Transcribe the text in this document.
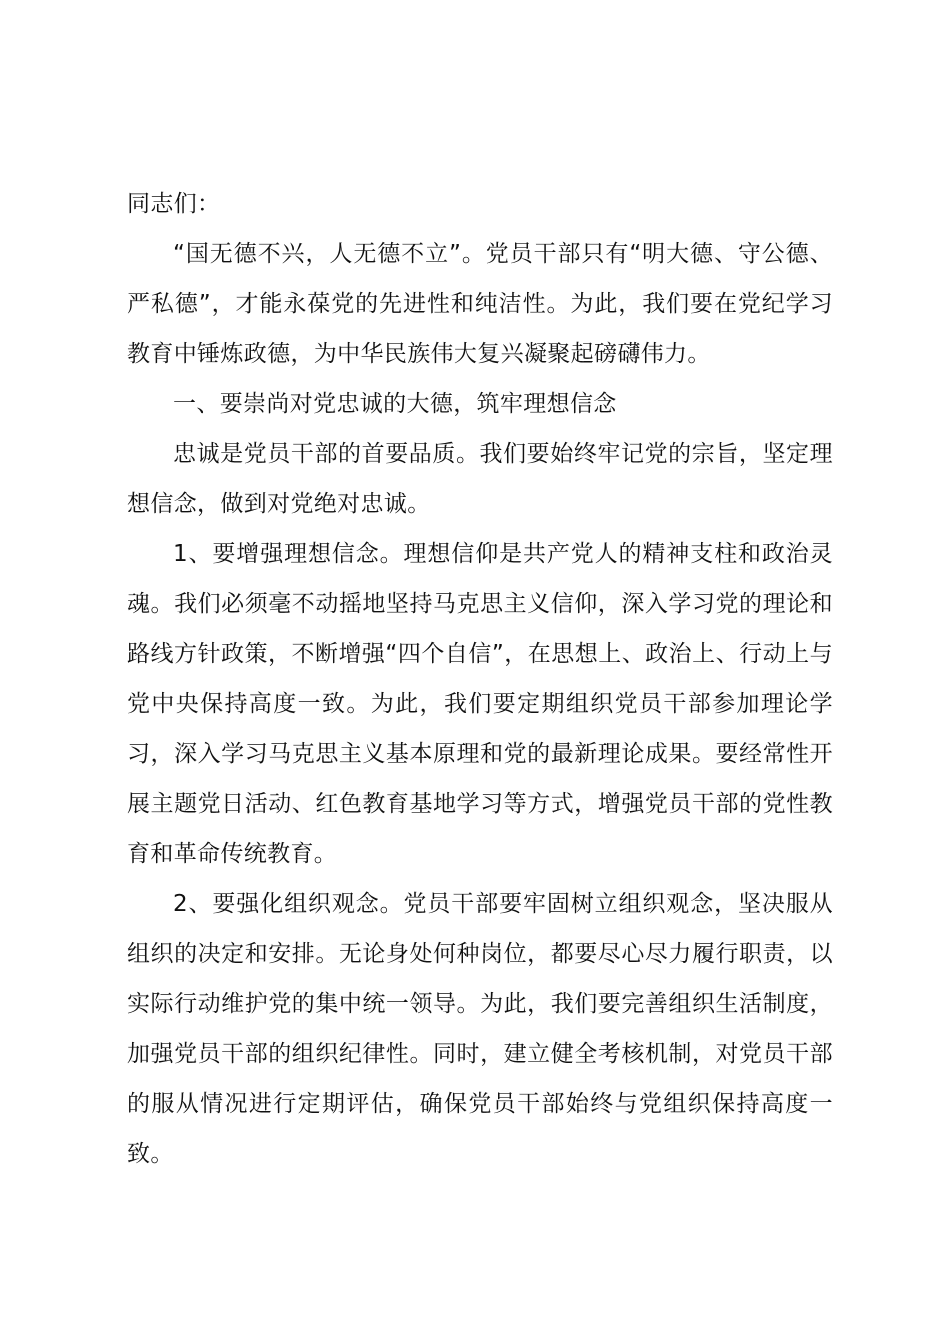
同志们：

“国无德不兴，人无德不立”。党员干部只有“明大德、守公德、严私德”，才能永葆党的先进性和纯洁性。为此，我们要在党纪学习教育中锤炼政德，为中华民族伟大复兴凝聚起磅礴伟力。

一、要崇尚对党忠诚的大德，筑牢理想信念

忠诚是党员干部的首要品质。我们要始终牢记党的宗旨，坚定理想信念，做到对党绝对忠诚。

1、要增强理想信念。理想信仰是共产党人的精神支柱和政治灵魂。我们必须毫不动摇地坚持马克思主义信仰，深入学习党的理论和路线方针政策，不断增强“四个自信”，在思想上、政治上、行动上与党中央保持高度一致。为此，我们要定期组织党员干部参加理论学习，深入学习马克思主义基本原理和党的最新理论成果。要经常性开展主题党日活动、红色教育基地学习等方式，增强党员干部的党性教育和革命传统教育。

2、要强化组织观念。党员干部要牢固树立组织观念，坚决服从组织的决定和安排。无论身处何种岗位，都要尽心尽力履行职责，以实际行动维护党的集中统一领导。为此，我们要完善组织生活制度，加强党员干部的组织纪律性。同时，建立健全考核机制，对党员干部的服从情况进行定期评估，确保党员干部始终与党组织保持高度一致。
